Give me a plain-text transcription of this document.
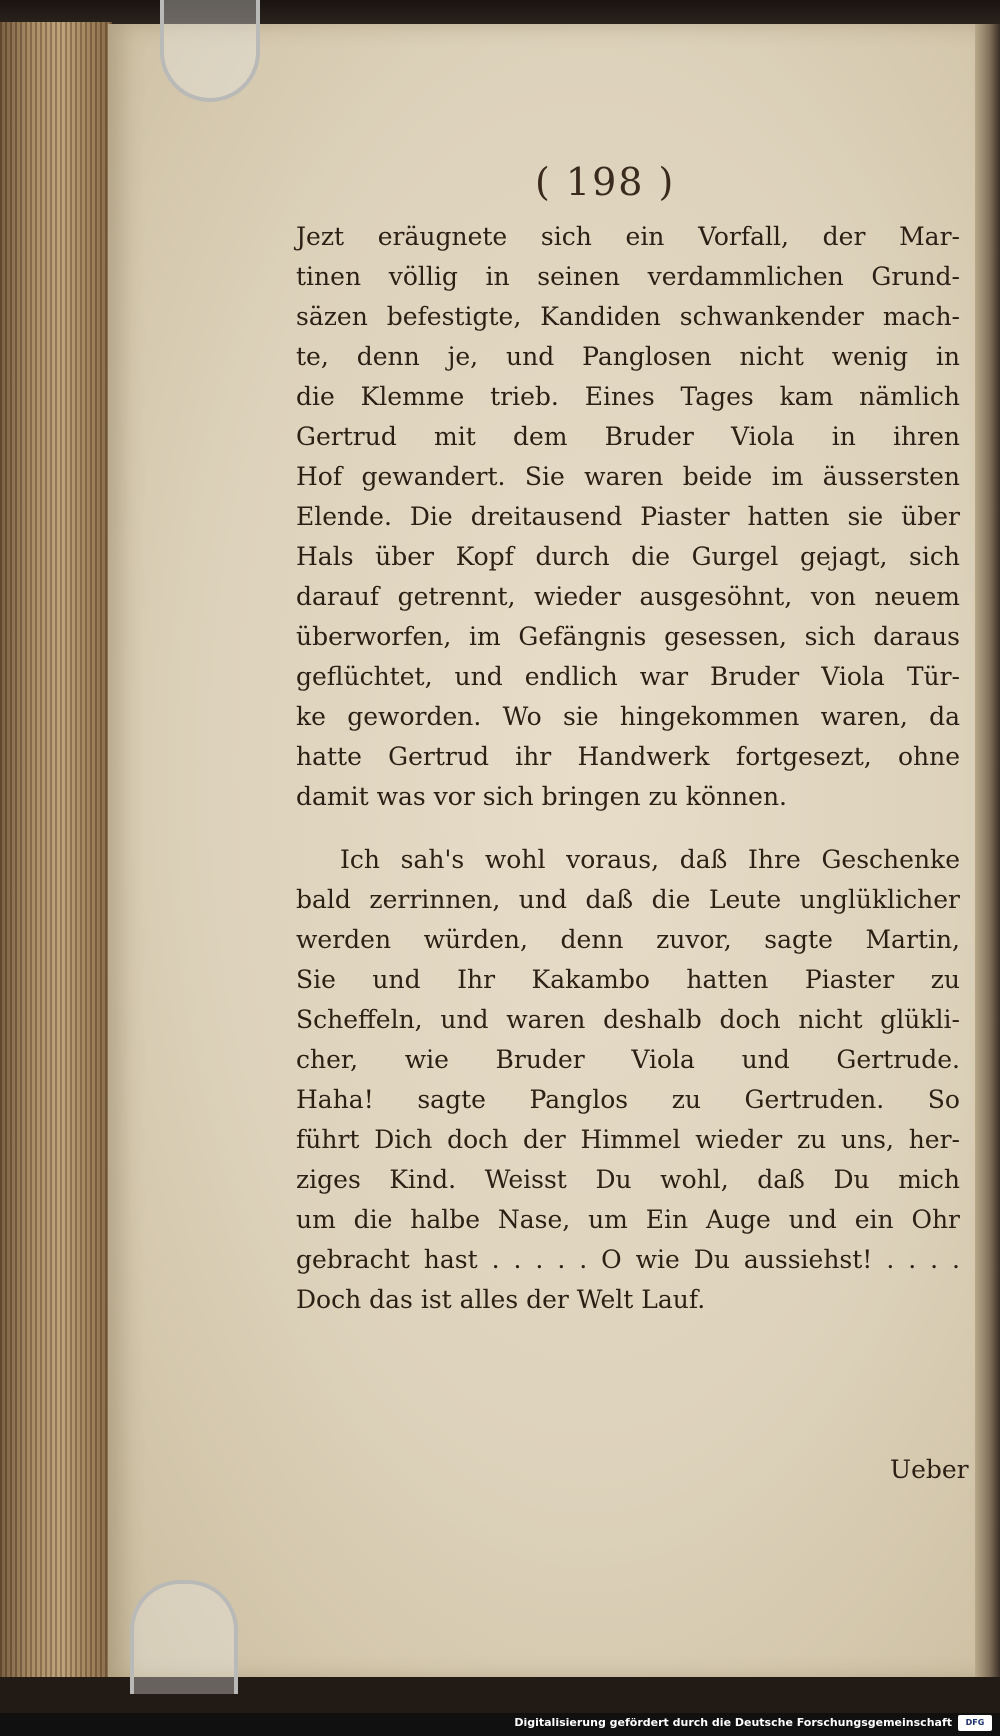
( 198 )
Jezt eräugnete sich ein Vorfall, der Mar-
tinen völlig in seinen verdammlichen Grund-
säzen befestigte, Kandiden schwankender mach-
te, denn je, und Panglosen nicht wenig in
die Klemme trieb. Eines Tages kam nämlich
Gertrud mit dem Bruder Viola in ihren
Hof gewandert. Sie waren beide im äussersten
Elende. Die dreitausend Piaster hatten sie über
Hals über Kopf durch die Gurgel gejagt, sich
darauf getrennt, wieder ausgesöhnt, von neuem
überworfen, im Gefängnis gesessen, sich daraus
geflüchtet, und endlich war Bruder Viola Tür-
ke geworden. Wo sie hingekommen waren, da
hatte Gertrud ihr Handwerk fortgesezt, ohne
damit was vor sich bringen zu können.
Ich sah's wohl voraus, daß Ihre Geschenke
bald zerrinnen, und daß die Leute unglüklicher
werden würden, denn zuvor, sagte Martin,
Sie und Ihr Kakambo hatten Piaster zu
Scheffeln, und waren deshalb doch nicht glükli-
cher, wie Bruder Viola und Gertrude.
Haha! sagte Panglos zu Gertruden. So
führt Dich doch der Himmel wieder zu uns, her-
ziges Kind. Weisst Du wohl, daß Du mich
um die halbe Nase, um Ein Auge und ein Ohr
gebracht hast . . . . . O wie Du aussiehst! . . . .
Doch das ist alles der Welt Lauf.
Ueber
Digitalisierung gefördert durch die Deutsche Forschungsgemeinschaft	DFG
